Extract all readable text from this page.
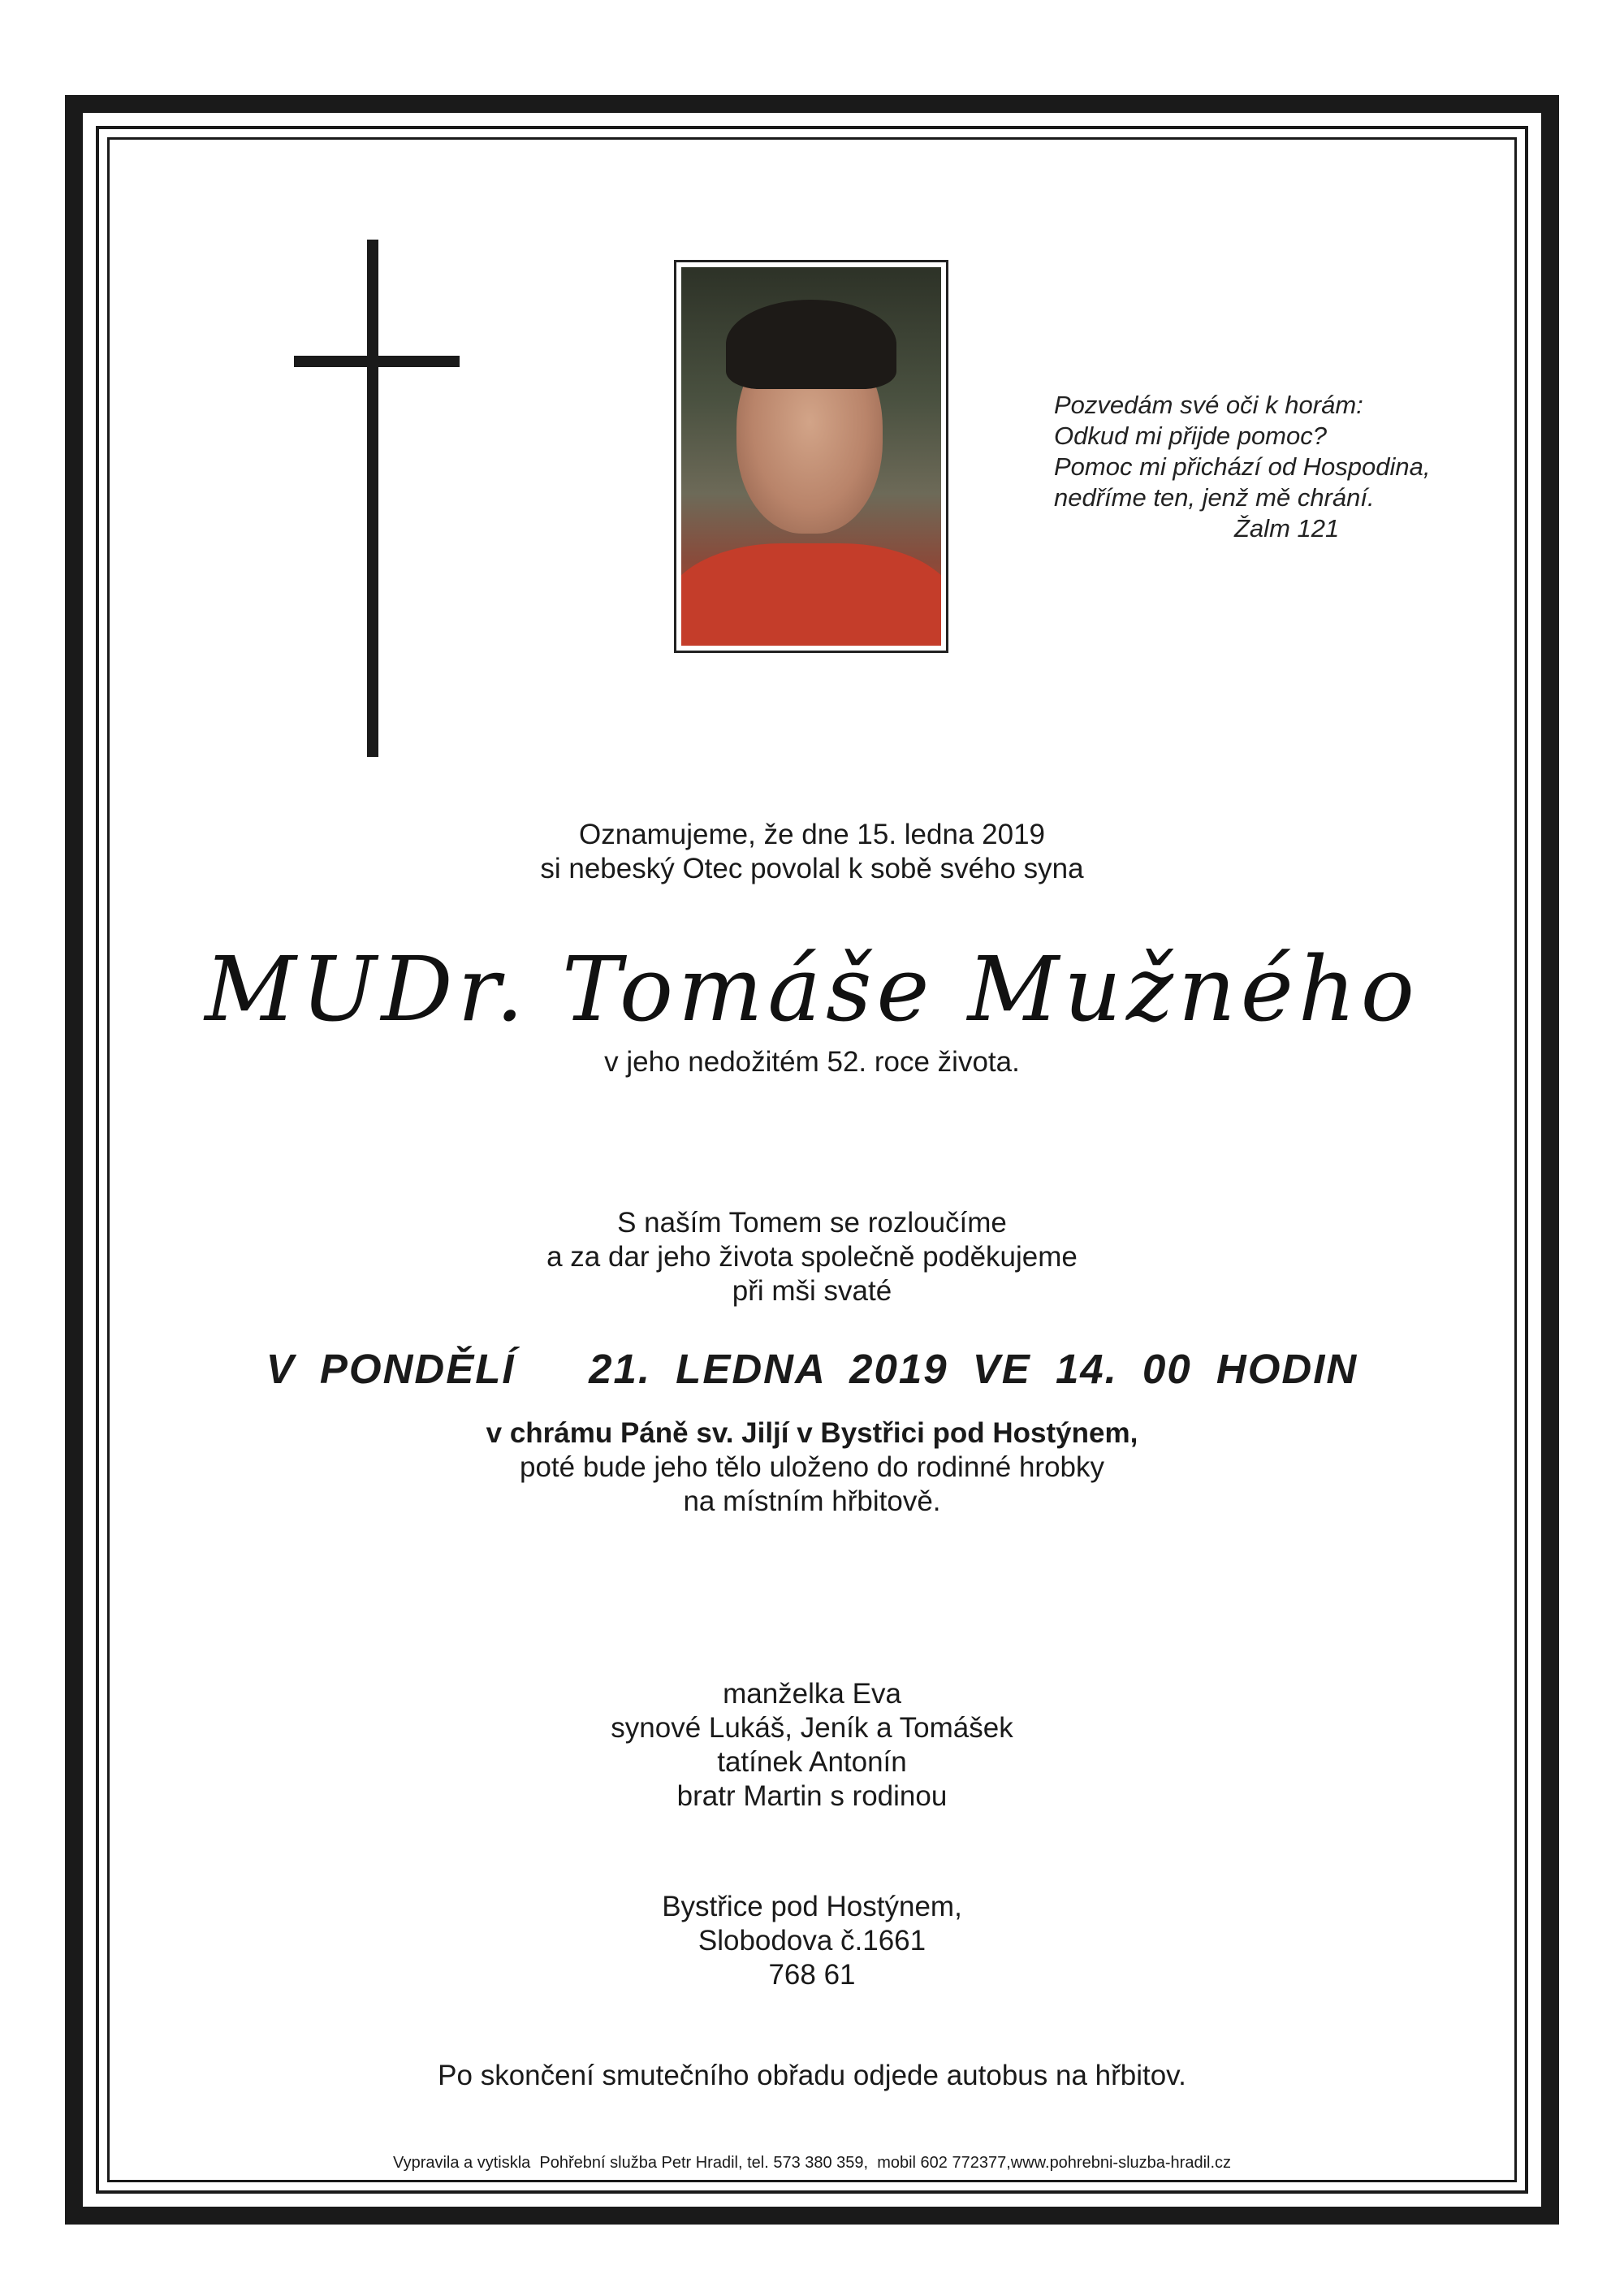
Pozvedám své oči k horám:
Odkud mi přijde pomoc?
Pomoc mi přichází od Hospodina,
nedříme ten, jenž mě chrání.
Žalm 121
Oznamujeme, že dne 15. ledna 2019
si nebeský Otec povolal k sobě svého syna
MUDr. Tomáše Mužného
v jeho nedožitém 52. roce života.
S naším Tomem se rozloučíme
a za dar jeho života společně poděkujeme
při mši svaté
V PONDĚLÍ   21. LEDNA 2019 VE 14. 00 HODIN
v chrámu Páně sv. Jiljí v Bystřici pod Hostýnem,
poté bude jeho tělo uloženo do rodinné hrobky
na místním hřbitově.
manželka Eva
synové Lukáš, Jeník a Tomášek
tatínek Antonín
bratr Martin s rodinou
Bystřice pod Hostýnem,
Slobodova č.1661
768 61
Po skončení smutečního obřadu odjede autobus na hřbitov.
Vypravila a vytiskla  Pohřební služba Petr Hradil, tel. 573 380 359,  mobil 602 772377,www.pohrebni-sluzba-hradil.cz
